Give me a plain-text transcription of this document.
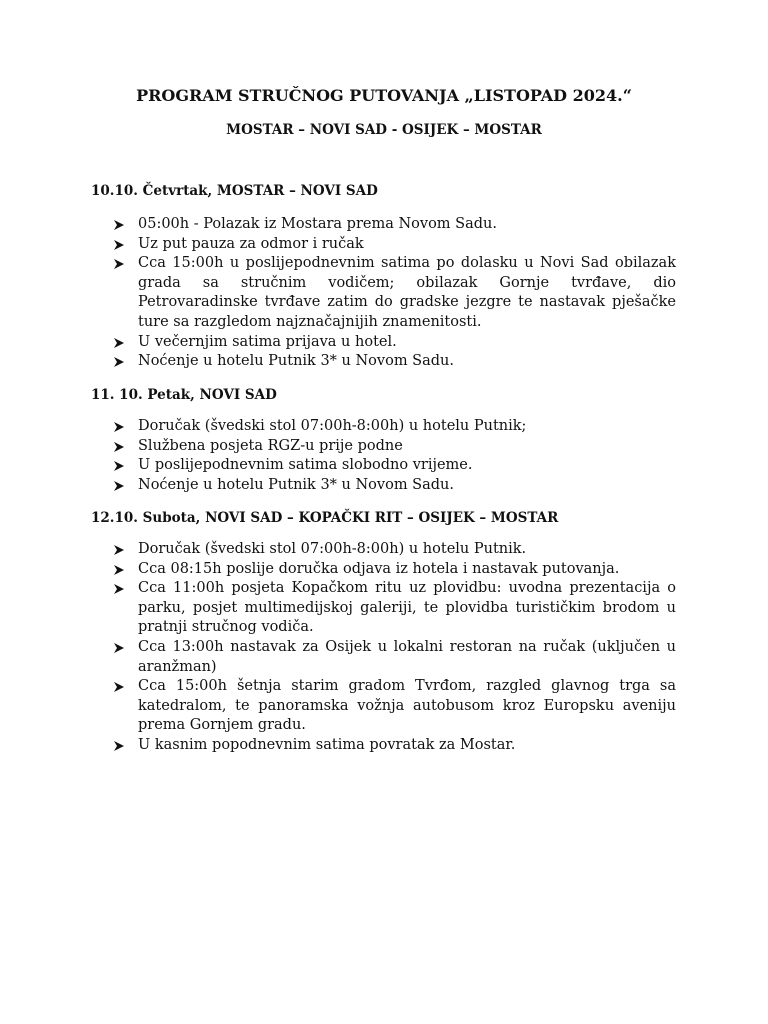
PROGRAM STRUČNOG PUTOVANJA „LISTOPAD 2024.“
MOSTAR – NOVI SAD - OSIJEK – MOSTAR
10.10. Četvrtak, MOSTAR – NOVI SAD
05:00h - Polazak iz Mostara prema Novom Sadu.
Uz put pauza za odmor i ručak
Cca 15:00h u poslijepodnevnim satima po dolasku u Novi Sad obilazak grada sa stručnim vodičem; obilazak Gornje tvrđave, dio Petrovaradinske tvrđave zatim do gradske jezgre te nastavak pješačke ture sa razgledom najznačajnijih znamenitosti.
U večernjim satima prijava u hotel.
Noćenje u hotelu Putnik 3* u Novom Sadu.
11. 10. Petak, NOVI SAD
Doručak (švedski stol 07:00h-8:00h) u hotelu Putnik;
Službena posjeta RGZ-u prije podne
U poslijepodnevnim satima slobodno vrijeme.
Noćenje u hotelu Putnik 3* u Novom Sadu.
12.10. Subota, NOVI SAD – KOPAČKI RIT – OSIJEK – MOSTAR
Doručak (švedski stol 07:00h-8:00h) u hotelu Putnik.
Cca 08:15h poslije doručka odjava iz hotela i nastavak putovanja.
Cca 11:00h posjeta Kopačkom ritu uz plovidbu: uvodna prezentacija o parku, posjet multimedijskoj galeriji, te plovidba turističkim brodom u pratnji stručnog vodiča.
Cca 13:00h nastavak za Osijek u lokalni restoran na ručak (uključen u aranžman)
Cca 15:00h šetnja starim gradom Tvrđom, razgled glavnog trga sa katedralom, te panoramska vožnja autobusom kroz Europsku aveniju prema Gornjem gradu.
U kasnim popodnevnim satima povratak za Mostar.
